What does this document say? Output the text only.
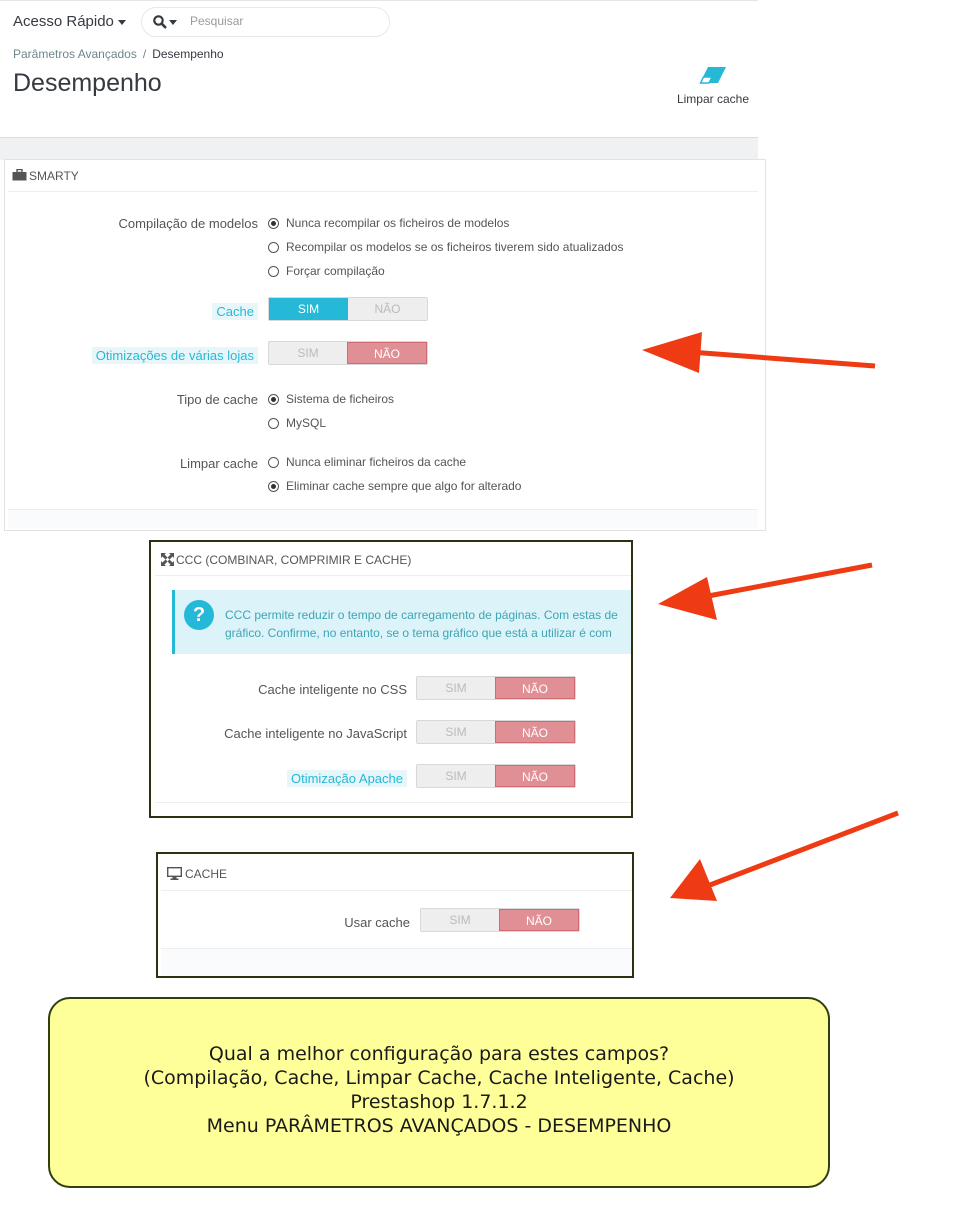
Acesso Rápido
Pesquisar
Parâmetros Avançados / Desempenho
Desempenho
Limpar cache
SMARTY
Compilação de modelos	Nunca recompilar os ficheiros de modelos
Recompilar os modelos se os ficheiros tiverem sido atualizados
Forçar compilação
Cache	SIM	NÃO
Otimizações de várias lojas	SIM	NÃO
Tipo de cache	Sistema de ficheiros
MySQL
Limpar cache	Nunca eliminar ficheiros da cache
Eliminar cache sempre que algo for alterado
CCC (COMBINAR, COMPRIMIR E CACHE)
?	CCC permite reduzir o tempo de carregamento de páginas. Com estas de
gráfico. Confirme, no entanto, se o tema gráfico que está a utilizar é com
Cache inteligente no CSS	SIM	NÃO
Cache inteligente no JavaScript	SIM	NÃO
Otimização Apache	SIM	NÃO
CACHE
Usar cache	SIM	NÃO
Qual a melhor configuração para estes campos?
(Compilação, Cache, Limpar Cache, Cache Inteligente, Cache)
Prestashop 1.7.1.2
Menu PARÂMETROS AVANÇADOS - DESEMPENHO
